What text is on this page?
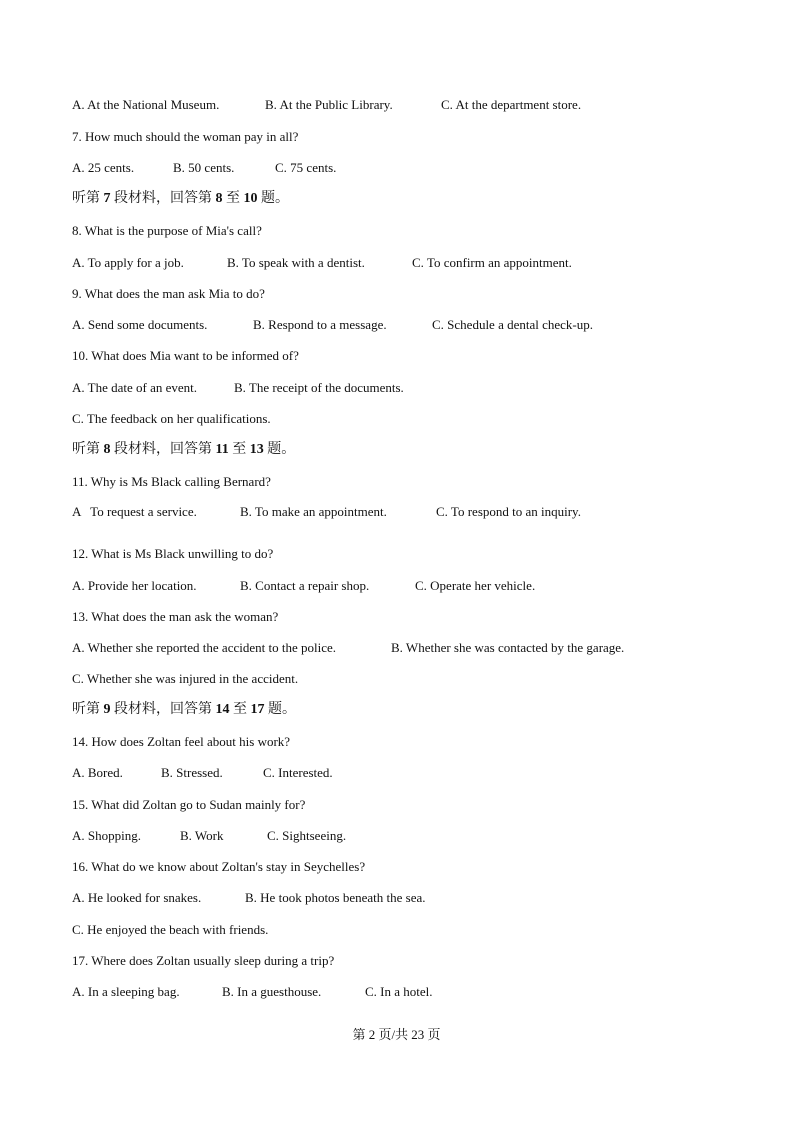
A. At the National Museum.	B. At the Public Library.	C. At the department store.
7. How much should the woman pay in all?
A. 25 cents.	B. 50 cents.	C. 75 cents.
听第 7 段材料，回答第 8 至 10 题。
8. What is the purpose of Mia's call?
A. To apply for a job.	B. To speak with a dentist.	C. To confirm an appointment.
9. What does the man ask Mia to do?
A. Send some documents.	B. Respond to a message.	C. Schedule a dental check-up.
10. What does Mia want to be informed of?
A. The date of an event.	B. The receipt of the documents.
C. The feedback on her qualifications.
听第 8 段材料，回答第 11 至 13 题。
11. Why is Ms Black calling Bernard?
A   To request a service.	B. To make an appointment.	C. To respond to an inquiry.
12. What is Ms Black unwilling to do?
A. Provide her location.	B. Contact a repair shop.	C. Operate her vehicle.
13. What does the man ask the woman?
A. Whether she reported the accident to the police.	B. Whether she was contacted by the garage.
C. Whether she was injured in the accident.
听第 9 段材料，回答第 14 至 17 题。
14. How does Zoltan feel about his work?
A. Bored.	B. Stressed.	C. Interested.
15. What did Zoltan go to Sudan mainly for?
A. Shopping.	B. Work	C. Sightseeing.
16. What do we know about Zoltan's stay in Seychelles?
A. He looked for snakes.	B. He took photos beneath the sea.
C. He enjoyed the beach with friends.
17. Where does Zoltan usually sleep during a trip?
A. In a sleeping bag.	B. In a guesthouse.	C. In a hotel.
第 2 页/共 23 页
